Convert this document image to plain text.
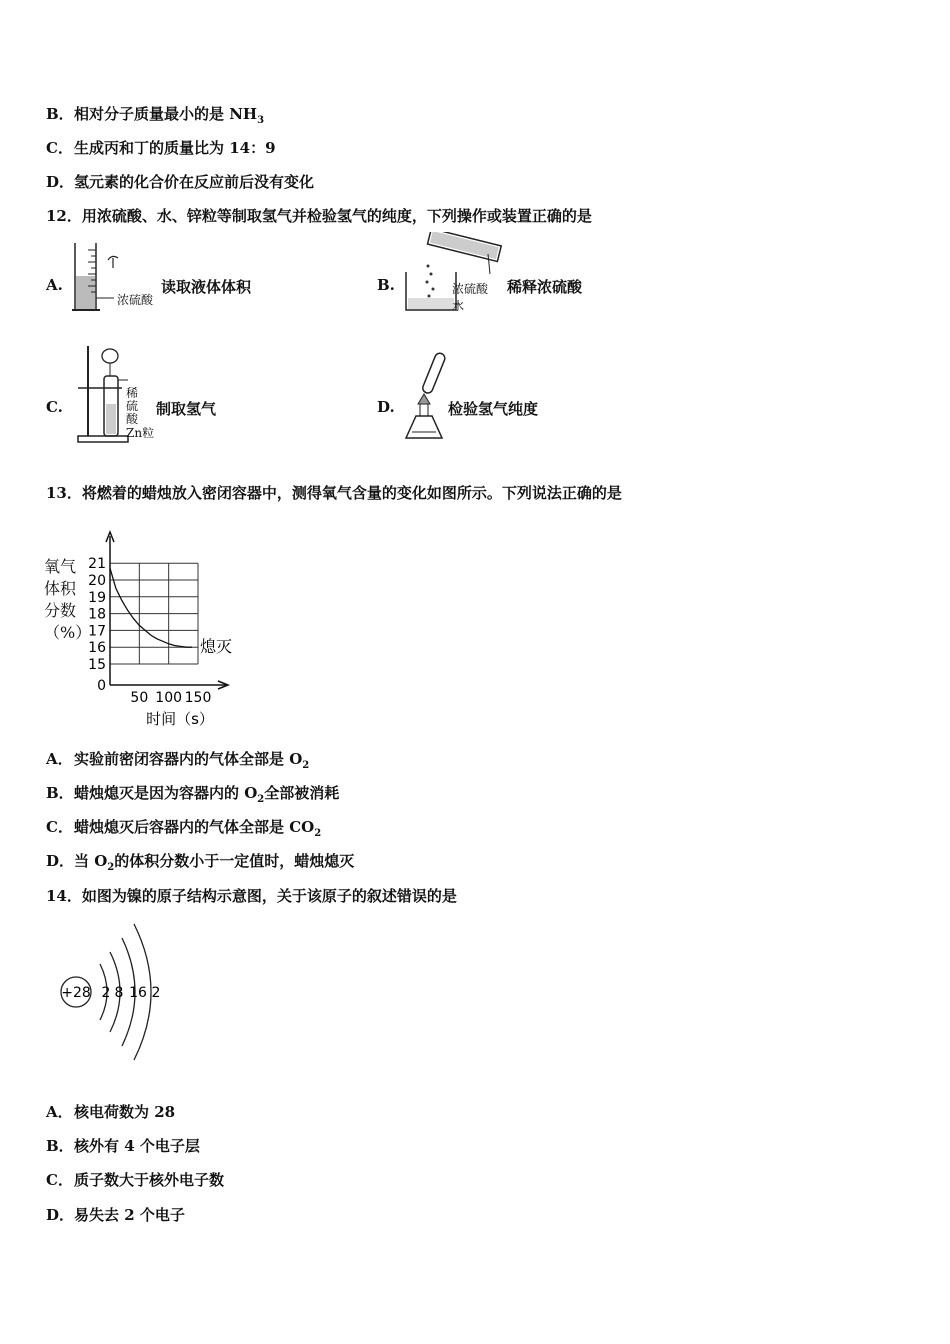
B．相对分子质量最小的是 $NH_3$
C．生成丙和丁的质量比为 14：9
D．氢元素的化合价在反应前后没有变化
12．用浓硫酸、水、锌粒等制取氢气并检验氢气的纯度，下列操作或装置正确的是
A.
浓硫酸
读取液体体积	B.	浓硫酸
水
稀释浓硫酸
C.
稀
硫
酸
Zn粒
制取氢气	D.	检验氢气纯度
13．将燃着的蜡烛放入密闭容器中，测得氧气含量的变化如图所示。下列说法正确的是
氧气
体积
分数
（%）
0
15
16
17
18
19
20
21
50 100 150
熄灭
时间（s）
A．实验前密闭容器内的气体全部是 $O_2$
B．蜡烛熄灭是因为容器内的 $O_2$全部被消耗
C．蜡烛熄灭后容器内的气体全部是 $CO_2$
D．当 $O_2$的体积分数小于一定值时，蜡烛熄灭
14．如图为镍的原子结构示意图，关于该原子的叙述错误的是
+28 2 8 16 2
A．核电荷数为 28
B．核外有 4 个电子层
C．质子数大于核外电子数
D．易失去 2 个电子
